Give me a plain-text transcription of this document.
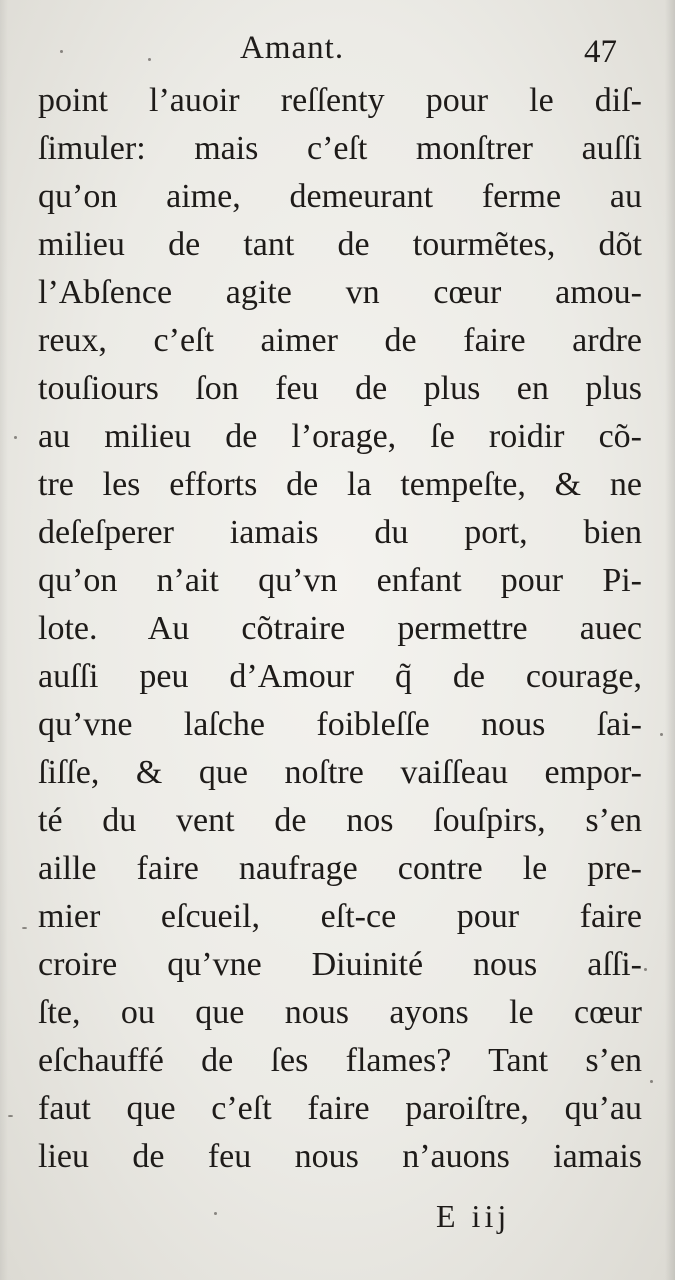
Amant.	47
point l’auoir reſſenty pour le diſ-
ſimuler: mais c’eſt monſtrer auſſi
qu’on aime, demeurant ferme au
milieu de tant de tourmẽtes, dõt
l’Abſence agite vn cœur amou-
reux, c’eſt aimer de faire ardre
touſiours ſon feu de plus en plus
au milieu de l’orage, ſe roidir cõ-
tre les efforts de la tempeſte, & ne
deſeſperer iamais du port, bien
qu’on n’ait qu’vn enfant pour Pi-
lote. Au cõtraire permettre auec
auſſi peu d’Amour q̃ de courage,
qu’vne laſche foibleſſe nous ſai-
ſiſſe, & que noſtre vaiſſeau empor-
té du vent de nos ſouſpirs, s’en
aille faire naufrage contre le pre-
mier eſcueil, eſt-ce pour faire
croire qu’vne Diuinité nous aſſi-
ſte, ou que nous ayons le cœur
eſchauffé de ſes flames? Tant s’en
faut que c’eſt faire paroiſtre, qu’au
lieu de feu nous n’auons iamais
E iij
